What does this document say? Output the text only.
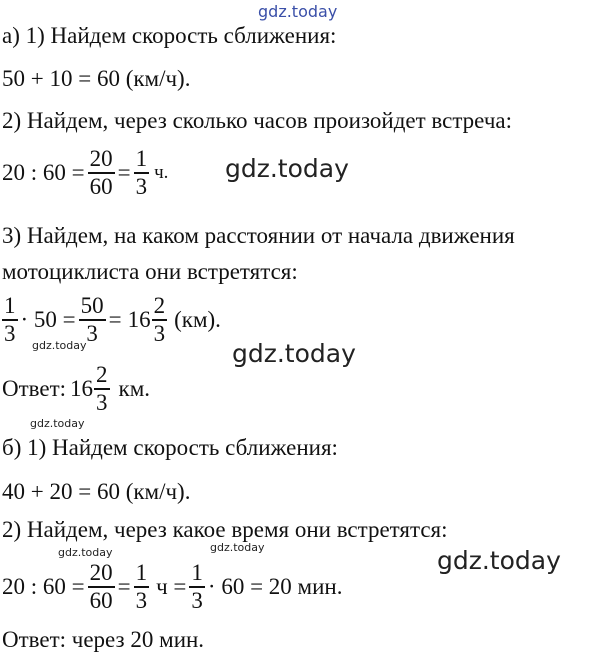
gdz.today
а) 1) Найдем скорость сближения:
50 + 10 = 60 (км/ч).
2) Найдем, через сколько часов произойдет встреча:
20 : $60 = \frac{20}{60} = \frac{1}{3} ч$. gdz.today
3) Найдем, на каком расстоянии от начала движения
мотоциклиста они встретятся:
$\frac{1}{3} \cdot 50 = \frac{50}{3} = 16 \frac{2}{3} (км)$.
gdz.today	gdz.today
Ответ: $16 \frac{2}{3}$ км.
gdz.today
б) 1) Найдем скорость сближения:
40 + 20 = 60 (км/ч).
2) Найдем, через какое время они встретятся:
gdz.today	gdz.today	gdz.today
20 : $60 = \frac{20}{60} = \frac{1}{3}$ $ч = \frac{1}{3} \cdot 60 = 20$ мин.
Ответ: через 20 мин.
